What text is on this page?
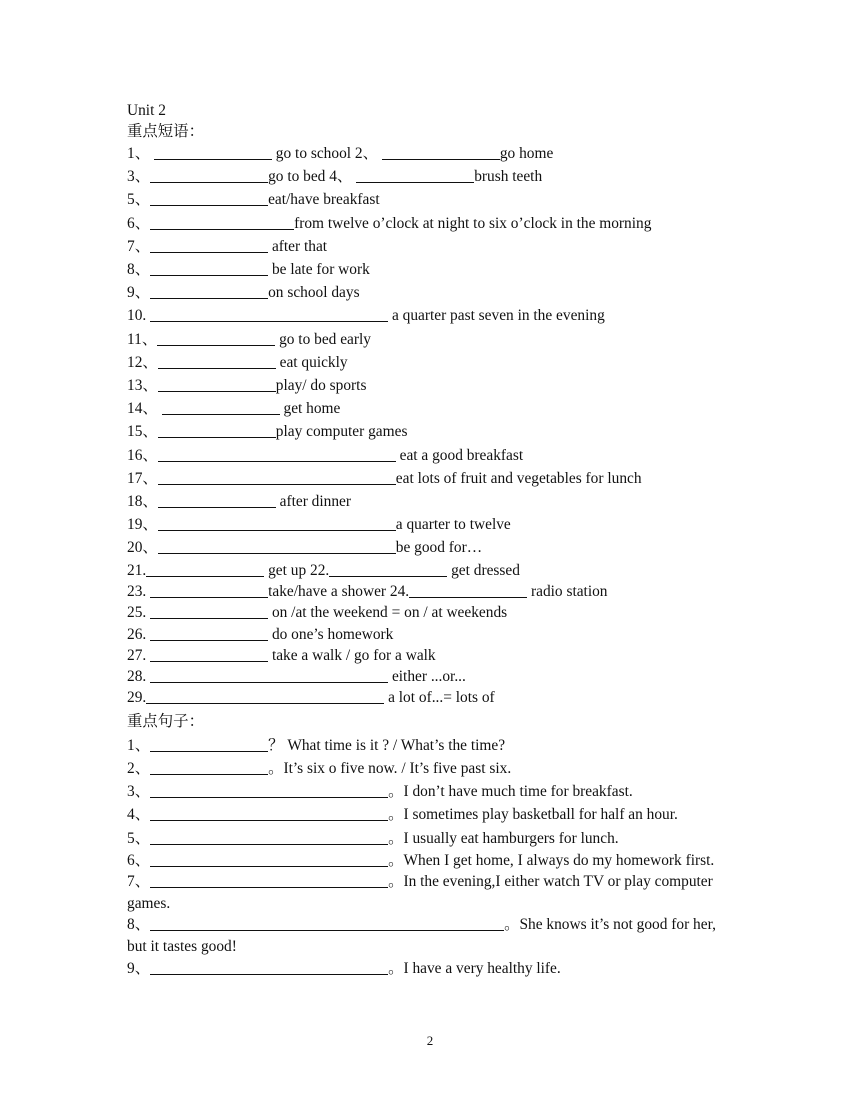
Unit 2
重点短语：
1、	go to school 2、	go home
3、	go to bed 4、	brush teeth
5、	eat/have breakfast
6、	from twelve o’clock at night to six o’clock in the morning
7、	after that
8、	be late for work
9、	on school days
10.	a quarter past seven in the evening
11、	go to bed early
12、	eat quickly
13、	play/ do sports
14、	get home
15、	play computer games
16、	eat a good breakfast
17、	eat lots of fruit and vegetables for lunch
18、	after dinner
19、	a quarter to twelve
20、	be good for…
21.	get up 22.	get dressed
23.	take/have a shower 24.	radio station
25.	on /at the weekend = on / at weekends
26.	do one’s homework
27.	take a walk / go for a walk
28.	either ...or...
29.	a lot of...= lots of
重点句子：
1、	？ What time is it ? / What’s the time?
2、	。It’s six o five now. / It’s five past six.
3、	。I don’t have much time for breakfast.
4、	。I sometimes play basketball for half an hour.
5、	。I usually eat hamburgers for lunch.
6、	。When I get home, I always do my homework first.
7、	。In the evening,I either watch TV or play computer games.
8、	。She knows it’s not good for her, but it tastes good!
9、	。I have a very healthy life.
2
